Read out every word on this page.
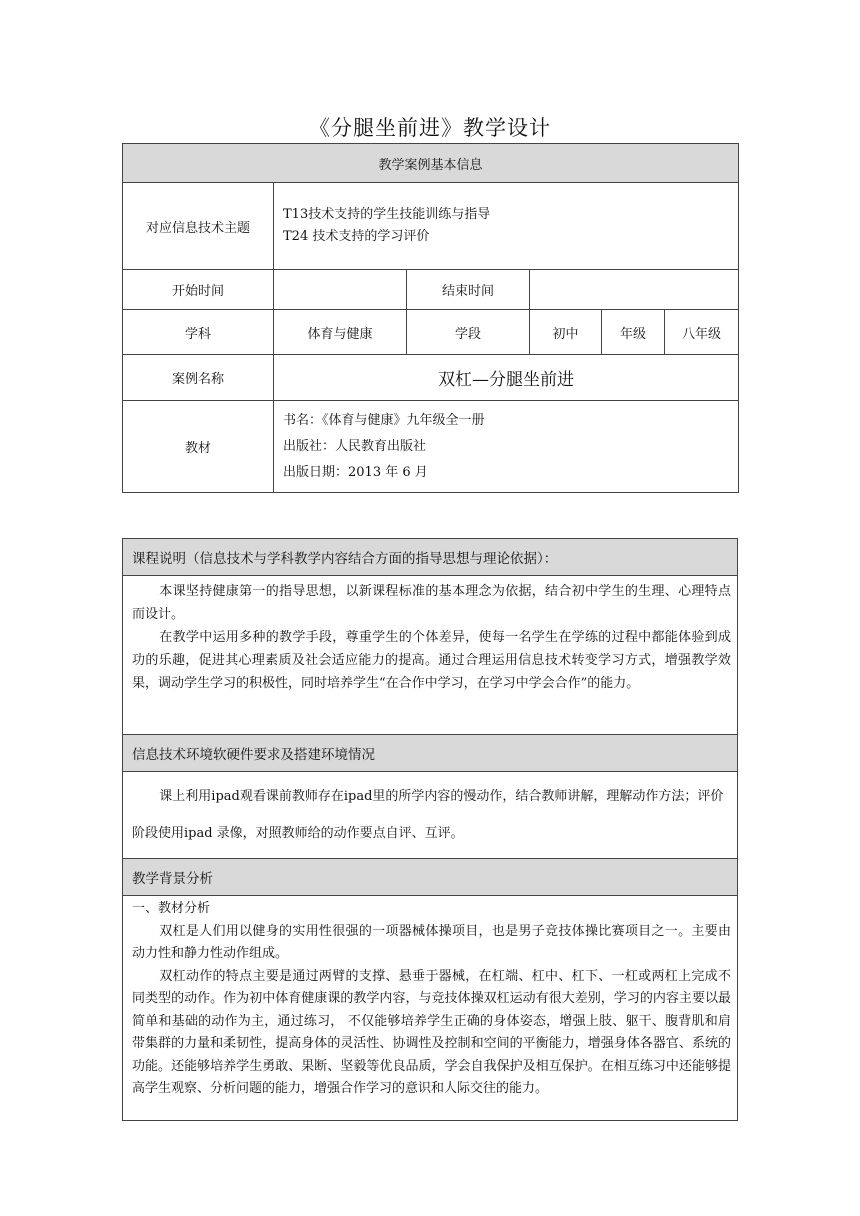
《分腿坐前进》教学设计
教学案例基本信息					
对应信息技术主题	T13技术支持的学生技能训练与指导
T24 技术支持的学习评价				

开始时间		结束时间			
学科	体育与健康	学段	初中	年级	八年级
案例名称	双杠—分腿坐前进				
教材	书名：《体育与健康》九年级全一册
出版社：人民教育出版社
出版日期：2013 年 6 月				
课程说明（信息技术与学科教学内容结合方面的指导思想与理论依据）：

本课坚持健康第一的指导思想，以新课程标准的基本理念为依据，结合初中学生的生理、心理特点而设计。

在教学中运用多种的教学手段，尊重学生的个体差异，使每一名学生在学练的过程中都能体验到成功的乐趣，促进其心理素质及社会适应能力的提高。通过合理运用信息技术转变学习方式，增强教学效果，调动学生学习的积极性，同时培养学生“在合作中学习，在学习中学会合作”的能力。

信息技术环境软硬件要求及搭建环境情况

课上利用ipad观看课前教师存在ipad里的所学内容的慢动作，结合教师讲解，理解动作方法；评价阶段使用ipad 录像，对照教师给的动作要点自评、互评。

教学背景分析

一、教材分析

双杠是人们用以健身的实用性很强的一项器械体操项目，也是男子竞技体操比赛项目之一。主要由动力性和静力性动作组成。

双杠动作的特点主要是通过两臂的支撑、悬垂于器械，在杠端、杠中、杠下、一杠或两杠上完成不同类型的动作。作为初中体育健康课的教学内容，与竞技体操双杠运动有很大差别，学习的内容主要以最简单和基础的动作为主，通过练习， 不仅能够培养学生正确的身体姿态，增强上肢、躯干、腹背肌和肩带集群的力量和柔韧性，提高身体的灵活性、协调性及控制和空间的平衡能力，增强身体各器官、系统的功能。还能够培养学生勇敢、果断、坚毅等优良品质，学会自我保护及相互保护。在相互练习中还能够提高学生观察、分析问题的能力，增强合作学习的意识和人际交往的能力。
